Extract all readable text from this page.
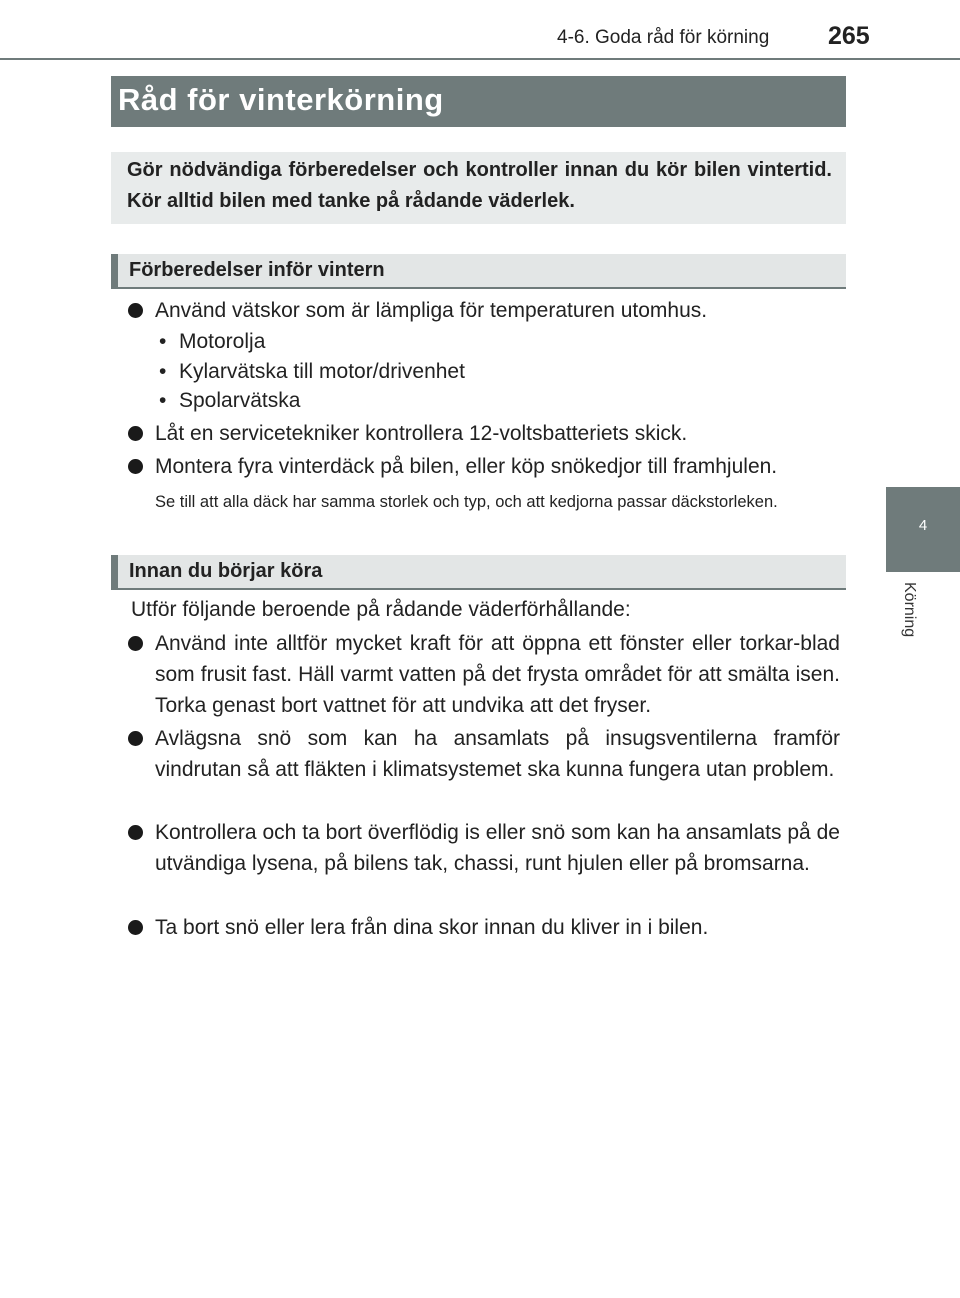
4-6. Goda råd för körning 265
4
Körning
Råd för vinterkörning
Gör nödvändiga förberedelser och kontroller innan du kör bilen vintertid. Kör alltid bilen med tanke på rådande väderlek.
Förberedelser inför vintern
Använd vätskor som är lämpliga för temperaturen utomhus.
• Motorolja
• Kylarvätska till motor/drivenhet
• Spolarvätska
Låt en servicetekniker kontrollera 12-voltsbatteriets skick.
Montera fyra vinterdäck på bilen, eller köp snökedjor till framhjulen.
Se till att alla däck har samma storlek och typ, och att kedjorna passar däckstorleken.
Innan du börjar köra
Utför följande beroende på rådande väderförhållande:
Använd inte alltför mycket kraft för att öppna ett fönster eller torkar-blad som frusit fast. Häll varmt vatten på det frysta området för att smälta isen. Torka genast bort vattnet för att undvika att det fryser.
Avlägsna snö som kan ha ansamlats på insugsventilerna framför vindrutan så att fläkten i klimatsystemet ska kunna fungera utan problem.
Kontrollera och ta bort överflödig is eller snö som kan ha ansamlats på de utvändiga lysena, på bilens tak, chassi, runt hjulen eller på bromsarna.
Ta bort snö eller lera från dina skor innan du kliver in i bilen.
